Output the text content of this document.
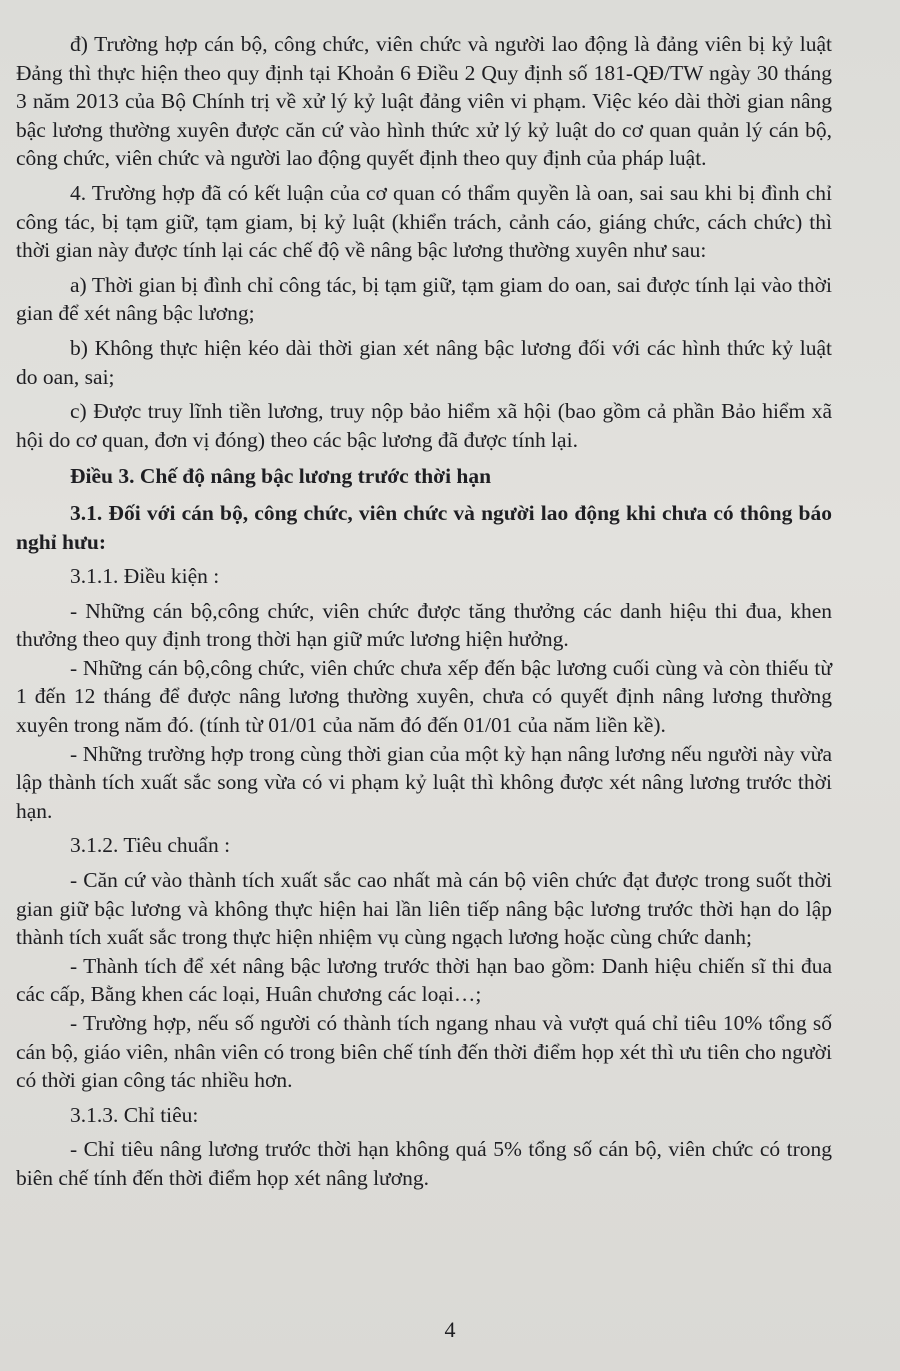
đ) Trường hợp cán bộ, công chức, viên chức và người lao động là đảng viên bị kỷ luật Đảng thì thực hiện theo quy định tại Khoản 6 Điều 2 Quy định số 181-QĐ/TW ngày 30 tháng 3 năm 2013 của Bộ Chính trị về xử lý kỷ luật đảng viên vi phạm. Việc kéo dài thời gian nâng bậc lương thường xuyên được căn cứ vào hình thức xử lý kỷ luật do cơ quan quản lý cán bộ, công chức, viên chức và người lao động quyết định theo quy định của pháp luật.

4. Trường hợp đã có kết luận của cơ quan có thẩm quyền là oan, sai sau khi bị đình chỉ công tác, bị tạm giữ, tạm giam, bị kỷ luật (khiển trách, cảnh cáo, giáng chức, cách chức) thì thời gian này được tính lại các chế độ về nâng bậc lương thường xuyên như sau:

a) Thời gian bị đình chỉ công tác, bị tạm giữ, tạm giam do oan, sai được tính lại vào thời gian để xét nâng bậc lương;

b) Không thực hiện kéo dài thời gian xét nâng bậc lương đối với các hình thức kỷ luật do oan, sai;

c) Được truy lĩnh tiền lương, truy nộp bảo hiểm xã hội (bao gồm cả phần Bảo hiểm xã hội do cơ quan, đơn vị đóng) theo các bậc lương đã được tính lại.

Điều 3. Chế độ nâng bậc lương trước thời hạn

3.1. Đối với cán bộ, công chức, viên chức và người lao động khi chưa có thông báo nghỉ hưu:

3.1.1. Điều kiện :

- Những cán bộ,công chức, viên chức được tăng thưởng các danh hiệu thi đua, khen thưởng theo quy định trong thời hạn giữ mức lương hiện hưởng.

- Những cán bộ,công chức, viên chức chưa xếp đến bậc lương cuối cùng và còn thiếu từ 1 đến 12 tháng để được nâng lương thường xuyên, chưa có quyết định nâng lương thường xuyên trong năm đó. (tính từ 01/01 của năm đó đến 01/01 của năm liền kề).

- Những trường hợp trong cùng thời gian của một kỳ hạn nâng lương nếu người này vừa lập thành tích xuất sắc song vừa có vi phạm kỷ luật thì không được xét nâng lương trước thời hạn.

3.1.2. Tiêu chuẩn :

- Căn cứ vào thành tích xuất sắc cao nhất mà cán bộ viên chức đạt được trong suốt thời gian giữ bậc lương và không thực hiện hai lần liên tiếp nâng bậc lương trước thời hạn do lập thành tích xuất sắc trong thực hiện nhiệm vụ cùng ngạch lương hoặc cùng chức danh;

- Thành tích để xét nâng bậc lương trước thời hạn bao gồm: Danh hiệu chiến sĩ thi đua các cấp, Bằng khen các loại, Huân chương các loại…;

- Trường hợp, nếu số người có thành tích ngang nhau và vượt quá chỉ tiêu 10% tổng số cán bộ, giáo viên, nhân viên có trong biên chế tính đến thời điểm họp xét thì ưu tiên cho người có thời gian công tác nhiều hơn.

3.1.3. Chỉ tiêu:

- Chỉ tiêu nâng lương trước thời hạn không quá 5% tổng số cán bộ, viên chức có trong biên chế tính đến thời điểm họp xét nâng lương.

4
